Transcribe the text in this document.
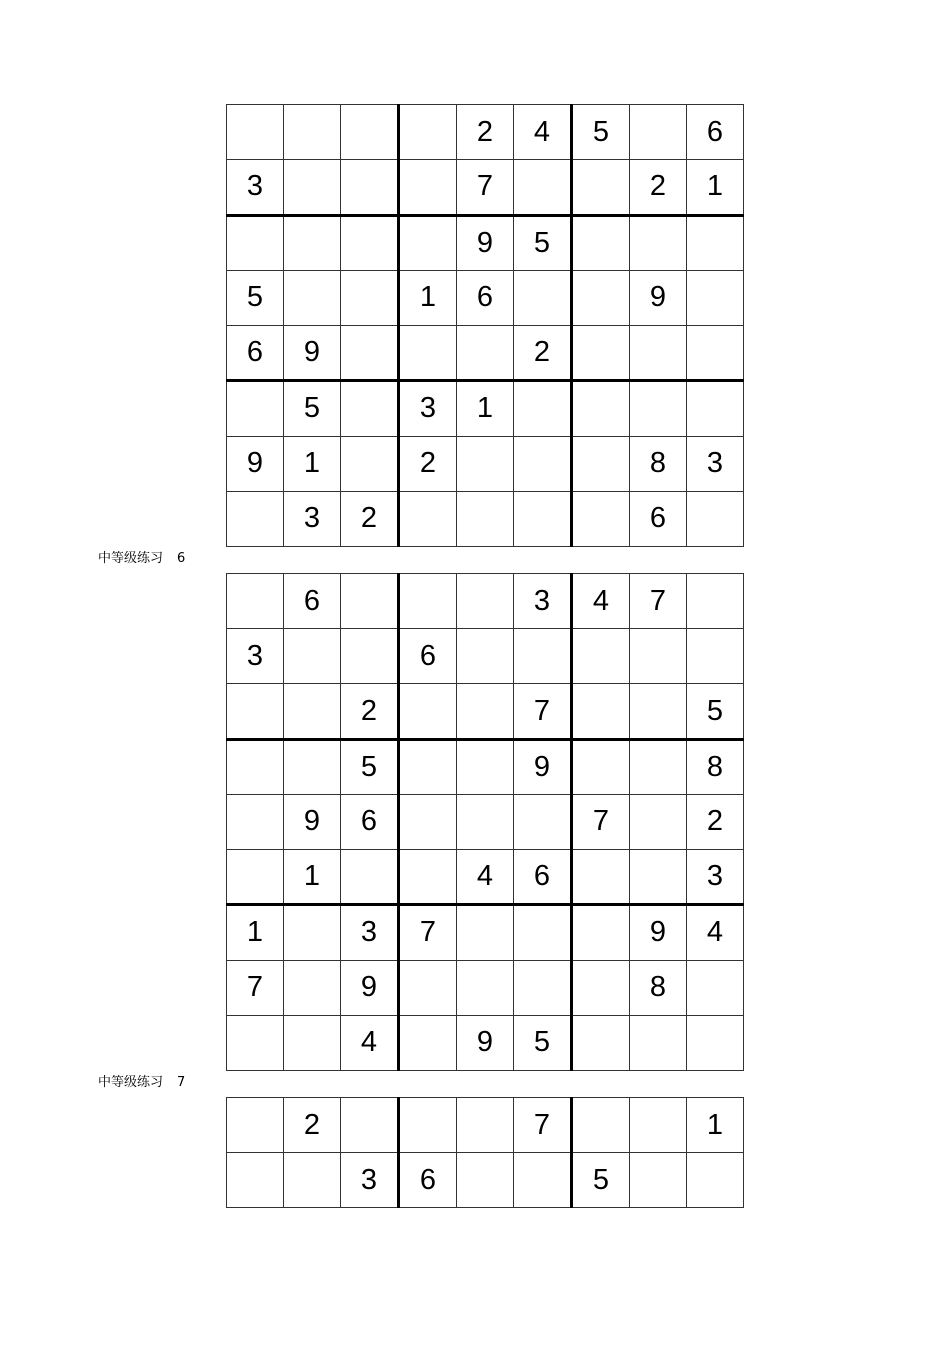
				2	4	5		6
3				7			2	1
				9	5			
5			1	6			9	
6	9				2			
	5		3	1				
9	1		2				8	3
	3	2					6	
中等级练习 6
	6				3	4	7	
3			6					
		2			7			5
		5			9			8
	9	6				7		2
	1			4	6			3
1		3	7				9	4
7		9					8	
		4		9	5			
中等级练习 7
	2				7			1
		3	6			5		
